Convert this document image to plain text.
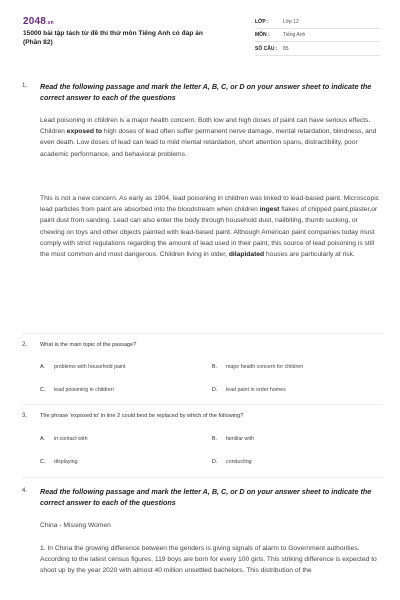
2048.vn
15000 bài tập tách từ đề thi thử môn Tiếng Anh có đáp án
(Phần 82)
LỚP :	Lớp 12
MÔN :	Tiếng Anh
SỐ CÂU : 85
1. Read the following passage and mark the letter A, B, C, or D on your answer sheet to indicate the correct answer to each of the questions
Lead poisoning in children is a major health concern. Both low and high doses of paint can have serious effects. Children exposed to high doses of lead often suffer permanent nerve damage, mental retardation, blindness, and even death. Low doses of lead can lead to mild mental retardation, short attention spans, distractibility, poor academic performance, and behavioral problems.
This is not a new concern. As early as 1904, lead poisoning in children was linked to lead-based paint. Microscopic lead particles from paint are absorbed into the bloodstream when children ingest flakes of chipped paint,plaster,or paint dust from sanding. Lead can also enter the body through household dust, nailbiting, thumb sucking, or chewing on toys and other objects painted with lead-based paint. Although American paint companies today must comply with strict regulations regarding the amount of lead used in their paint, this source of lead poisoning is still the most common and most dangerous. Children living in older, dilapidated houses are particularly at risk.
2. What is the main topic of the passage?
A. problems with household paint	B. major health concern for children
C. lead poisoning in children	D. lead paint in order homes
3. The phrase 'exposed to' in line 2 could best be replaced by which of the following?
A. in contact with	B. familiar with
C. displaying	D. conducting
4. Read the following passage and mark the letter A, B, C, or D on your answer sheet to indicate the correct answer to each of the questions
China - Missing Women
1. In China the growing difference between the genders is giving signals of alarm to Government authorities. According to the latest census figures, 119 boys are born for every 100 girls. This striking difference is expected to shoot up by the year 2020 with almost 40 million unsettled bachelors. This distribution of the
